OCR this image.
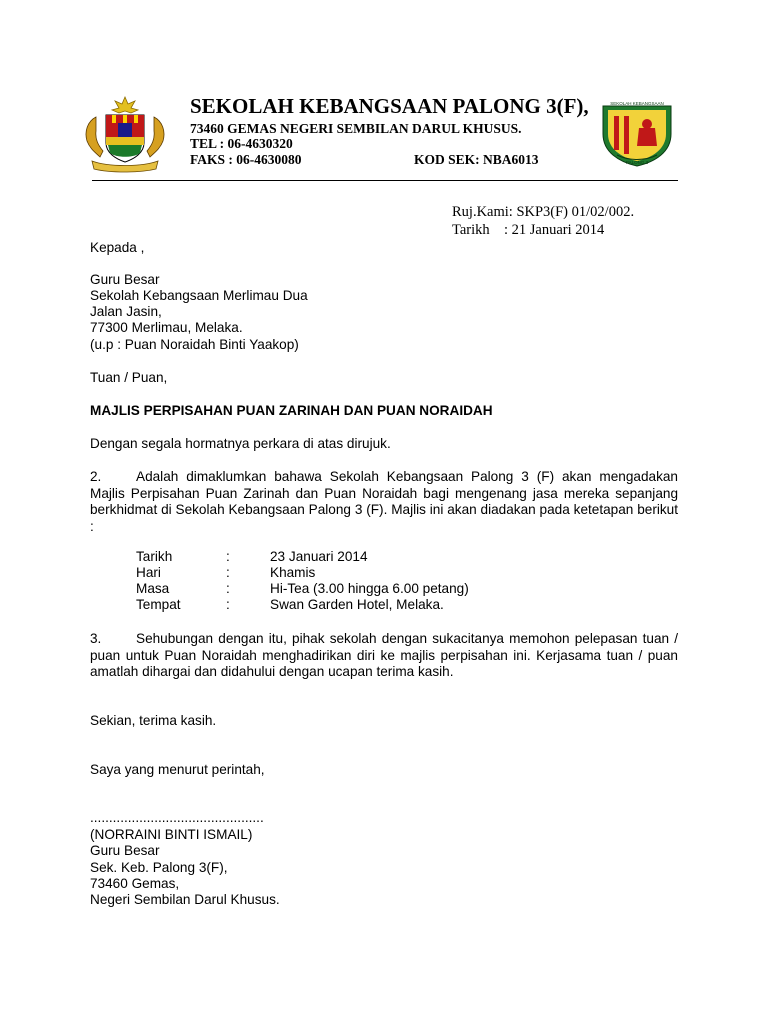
SEKOLAH KEBANGSAAN PALONG 3(F),
73460 GEMAS NEGERI SEMBILAN DARUL KHUSUS.
TEL : 06-4630320
FAKS : 06-4630080	KOD SEK: NBA6013
SEKOLAH KEBANGSAAN
PALONG 3
Ruj.Kami: SKP3(F) 01/02/002.
Tarikh : 21 Januari 2014
Kepada ,
Guru Besar
Sekolah Kebangsaan Merlimau Dua
Jalan Jasin,
77300 Merlimau, Melaka.
(u.p : Puan Noraidah Binti Yaakop)
Tuan / Puan,
MAJLIS PERPISAHAN PUAN ZARINAH DAN PUAN NORAIDAH
Dengan segala hormatnya perkara di atas dirujuk.
2.	Adalah dimaklumkan bahawa Sekolah Kebangsaan Palong 3 (F) akan mengadakan Majlis Perpisahan Puan Zarinah dan Puan Noraidah bagi mengenang jasa mereka sepanjang berkhidmat di Sekolah Kebangsaan Palong 3 (F). Majlis ini akan diadakan pada ketetapan berikut :
Tarikh	:	23 Januari 2014
Hari	:	Khamis
Masa	:	Hi-Tea (3.00 hingga 6.00 petang)
Tempat	:	Swan Garden Hotel, Melaka.
3.	Sehubungan dengan itu, pihak sekolah dengan sukacitanya memohon pelepasan tuan / puan untuk Puan Noraidah menghadirikan diri ke majlis perpisahan ini. Kerjasama tuan / puan amatlah dihargai dan didahului dengan ucapan terima kasih.
Sekian, terima kasih.
Saya yang menurut perintah,
..............................................
(NORRAINI BINTI ISMAIL)
Guru Besar
Sek. Keb. Palong 3(F),
73460 Gemas,
Negeri Sembilan Darul Khusus.
